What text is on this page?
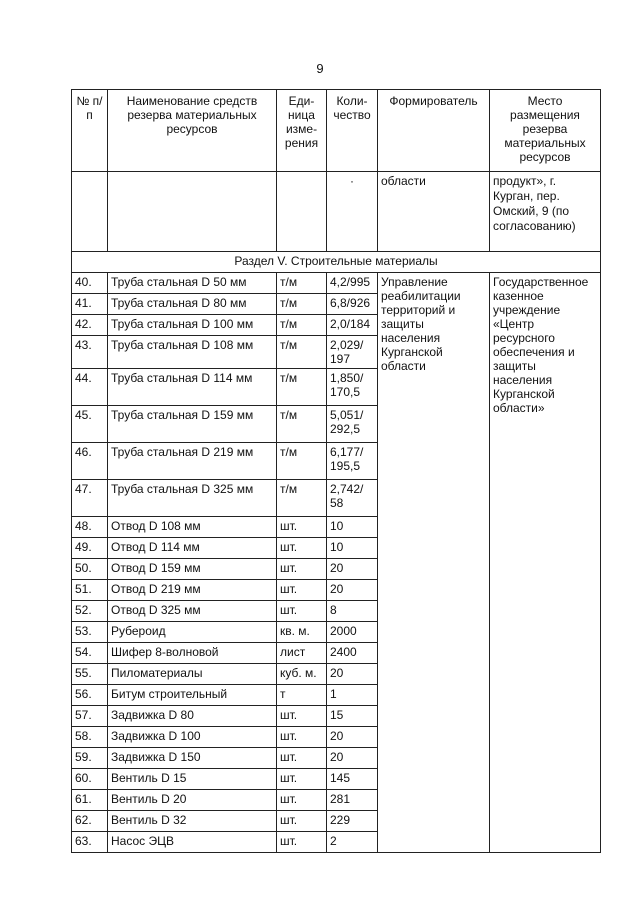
9
№ п/п	Наименование средств резерва материальных ресурсов	Еди-ница изме-рения	Коли-чество	Формирователь	Место размещения резерва материальных ресурсов
			·	области	продукт», г. Курган, пер. Омский, 9 (по согласованию)
Раздел V. Строительные материалы					
40.	Труба стальная D 50 мм	т/м	4,2/995	Управление реабилитации территорий и защиты населения Курганской области	Государственное казенное учреждение «Центр ресурсного обеспечения и защиты населения Курганской области»
41.	Труба стальная D 80 мм	т/м	6,8/926		
42.	Труба стальная D 100 мм	т/м	2,0/184		
43.	Труба стальная D 108 мм	т/м	2,029/ 197		
44.	Труба стальная D 114 мм	т/м	1,850/ 170,5		
45.	Труба стальная D 159 мм	т/м	5,051/ 292,5		
46.	Труба стальная D 219 мм	т/м	6,177/ 195,5		
47.	Труба стальная D 325 мм	т/м	2,742/ 58		
48.	Отвод D 108 мм	шт.	10		
49.	Отвод D 114 мм	шт.	10		
50.	Отвод D 159 мм	шт.	20		
51.	Отвод D 219 мм	шт.	20		
52.	Отвод D 325 мм	шт.	8		
53.	Рубероид	кв. м.	2000		
54.	Шифер 8-волновой	лист	2400		
55.	Пиломатериалы	куб. м.	20		
56.	Битум строительный	т	1		
57.	Задвижка D 80	шт.	15		
58.	Задвижка D 100	шт.	20		
59.	Задвижка D 150	шт.	20		
60.	Вентиль D 15	шт.	145		
61.	Вентиль D 20	шт.	281		
62.	Вентиль D 32	шт.	229		
63.	Насос ЭЦВ	шт.	2		
